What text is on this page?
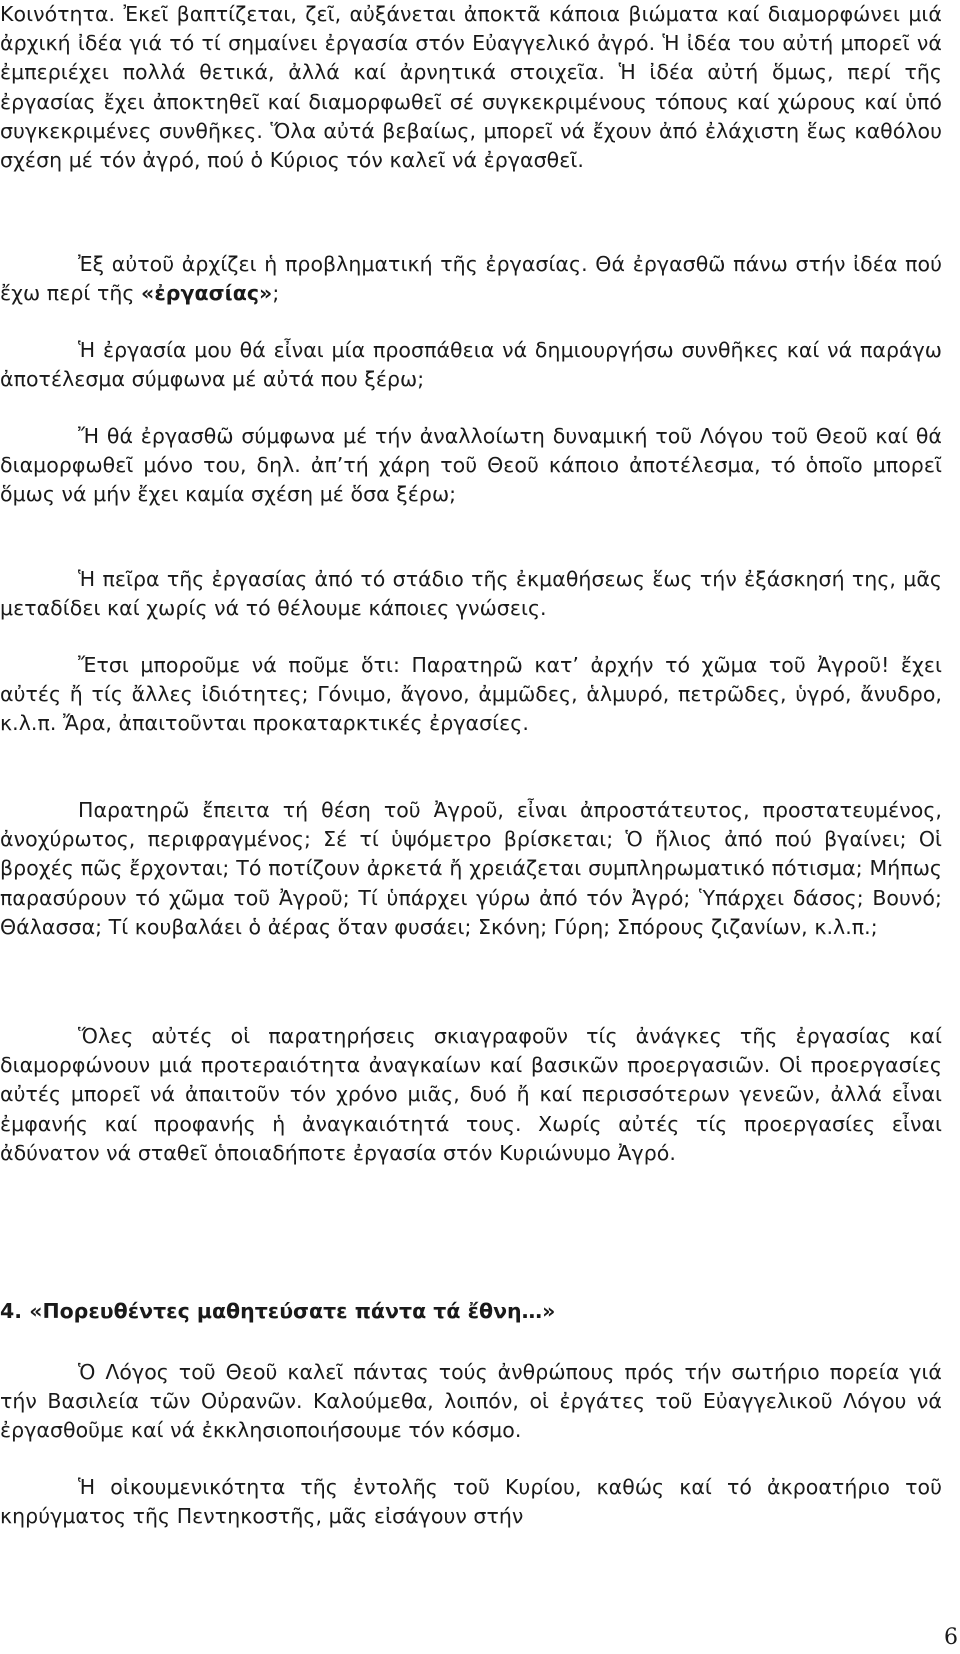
Κοινότητα. Ἐκεῖ βαπτίζεται, ζεῖ, αὐξάνεται ἀποκτᾶ κάποια βιώματα καί διαμορφώνει μιά ἀρχική ἰδέα γιά τό τί σημαίνει ἐργασία στόν Εὐαγγελικό ἀγρό. Ἡ ἰδέα του αὐτή μπορεῖ νά ἐμπεριέχει πολλά θετικά, ἀλλά καί ἀρνητικά στοιχεῖα. Ἡ ἰδέα αὐτή ὅμως, περί τῆς ἐργασίας ἔχει ἀποκτηθεῖ καί διαμορφωθεῖ σέ συγκεκριμένους τόπους καί χώρους καί ὑπό συγκεκριμένες συνθῆκες. Ὅλα αὐτά βεβαίως, μπορεῖ νά ἔχουν ἀπό ἐλάχιστη ἕως καθόλου σχέση μέ τόν ἀγρό, πού ὁ Κύριος τόν καλεῖ νά ἐργασθεῖ.

Ἐξ αὐτοῦ ἀρχίζει ἡ προβληματική τῆς ἐργασίας. Θά ἐργασθῶ πάνω στήν ἰδέα πού ἔχω περί τῆς «ἐργασίας»;

Ἡ ἐργασία μου θά εἶναι μία προσπάθεια νά δημιουργήσω συνθῆκες καί νά παράγω ἀποτέλεσμα σύμφωνα μέ αὐτά που ξέρω;

Ἤ θά ἐργασθῶ σύμφωνα μέ τήν ἀναλλοίωτη δυναμική τοῦ Λόγου τοῦ Θεοῦ καί θά διαμορφωθεῖ μόνο του, δηλ. ἀπ’τή χάρη τοῦ Θεοῦ κάποιο ἀποτέλεσμα, τό ὁποῖο μπορεῖ ὅμως νά μήν ἔχει καμία σχέση μέ ὅσα ξέρω;

Ἡ πεῖρα τῆς ἐργασίας ἀπό τό στάδιο τῆς ἐκμαθήσεως ἕως τήν ἐξάσκησή της, μᾶς μεταδίδει καί χωρίς νά τό θέλουμε κάποιες γνώσεις.

Ἔτσι μποροῦμε νά ποῦμε ὅτι: Παρατηρῶ κατ’ ἀρχήν τό χῶμα τοῦ Ἀγροῦ! ἔχει αὐτές ἤ τίς ἄλλες ἰδιότητες; Γόνιμο, ἄγονο, ἀμμῶδες, ἁλμυρό, πετρῶδες, ὑγρό, ἄνυδρο, κ.λ.π. Ἄρα, ἀπαιτοῦνται προκαταρκτικές ἐργασίες.

Παρατηρῶ ἔπειτα τή θέση τοῦ Ἀγροῦ, εἶναι ἀπροστάτευτος, προστατευμένος, ἀνοχύρωτος, περιφραγμένος; Σέ τί ὑψόμετρο βρίσκεται; Ὁ ἥλιος ἀπό πού βγαίνει; Οἱ βροχές πῶς ἔρχονται; Τό ποτίζουν ἀρκετά ἤ χρειάζεται συμπληρωματικό πότισμα; Μήπως παρασύρουν τό χῶμα τοῦ Ἀγροῦ; Τί ὑπάρχει γύρω ἀπό τόν Ἀγρό; Ὑπάρχει δάσος; Βουνό; Θάλασσα; Τί κουβαλάει ὁ ἀέρας ὅταν φυσάει; Σκόνη; Γύρη; Σπόρους ζιζανίων, κ.λ.π.;

Ὅλες αὐτές οἱ παρατηρήσεις σκιαγραφοῦν τίς ἀνάγκες τῆς ἐργασίας καί διαμορφώνουν μιά προτεραιότητα ἀναγκαίων καί βασικῶν προεργασιῶν. Οἱ προεργασίες αὐτές μπορεῖ νά ἀπαιτοῦν τόν χρόνο μιᾶς, δυό ἤ καί περισσότερων γενεῶν, ἀλλά εἶναι ἐμφανής καί προφανής ἡ ἀναγκαιότητά τους. Χωρίς αὐτές τίς προεργασίες εἶναι ἀδύνατον νά σταθεῖ ὁποιαδήποτε ἐργασία στόν Κυριώνυμο Ἀγρό.

4. «Πορευθέντες μαθητεύσατε πάντα τά ἔθνη…»

Ὁ Λόγος τοῦ Θεοῦ καλεῖ πάντας τούς ἀνθρώπους πρός τήν σωτήριο πορεία γιά τήν Βασιλεία τῶν Οὐρανῶν. Καλούμεθα, λοιπόν, οἱ ἐργάτες τοῦ Εὐαγγελικοῦ Λόγου νά ἐργασθοῦμε καί νά ἐκκλησιοποιήσουμε τόν κόσμο.

Ἡ οἰκουμενικότητα τῆς ἐντολῆς τοῦ Κυρίου, καθώς καί τό ἀκροατήριο τοῦ κηρύγματος τῆς Πεντηκοστῆς, μᾶς εἰσάγουν στήν

6
